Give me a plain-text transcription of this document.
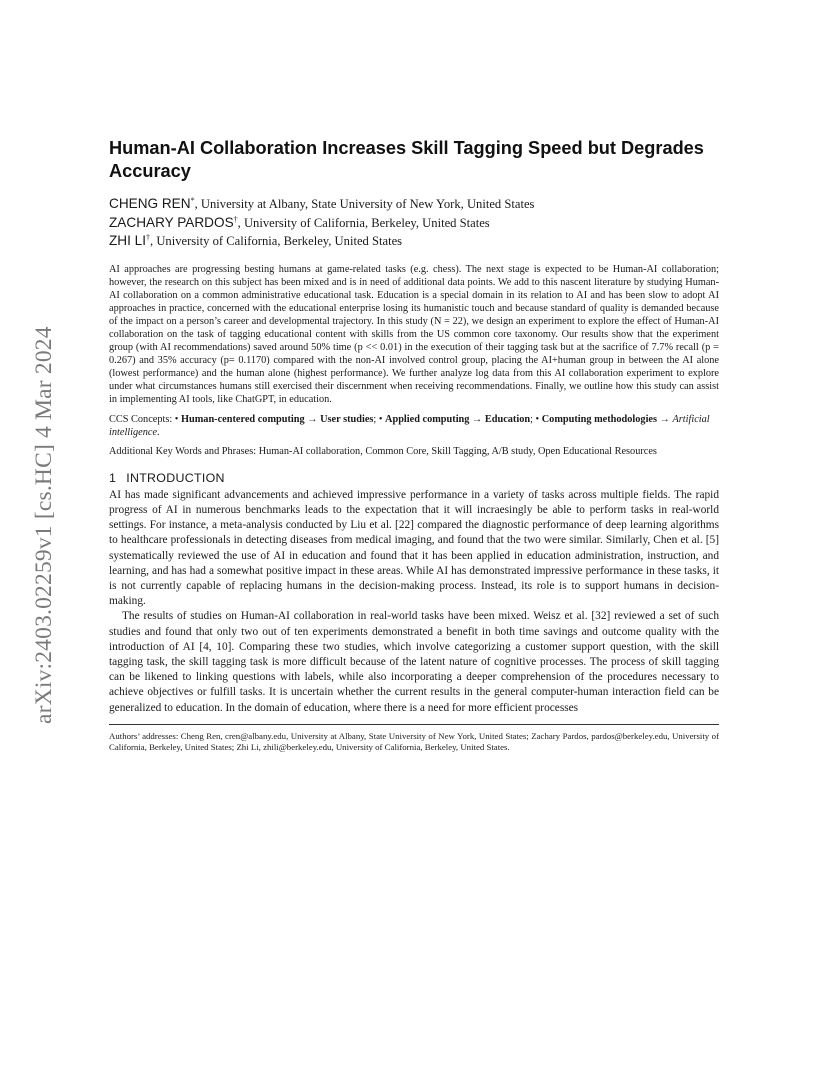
arXiv:2403.02259v1 [cs.HC] 4 Mar 2024
Human-AI Collaboration Increases Skill Tagging Speed but Degrades Accuracy
CHENG REN*, University at Albany, State University of New York, United States
ZACHARY PARDOS†, University of California, Berkeley, United States
ZHI LI†, University of California, Berkeley, United States

AI approaches are progressing besting humans at game-related tasks (e.g. chess). The next stage is expected to be Human-AI collaboration; however, the research on this subject has been mixed and is in need of additional data points. We add to this nascent literature by studying Human-AI collaboration on a common administrative educational task. Education is a special domain in its relation to AI and has been slow to adopt AI approaches in practice, concerned with the educational enterprise losing its humanistic touch and because standard of quality is demanded because of the impact on a person’s career and developmental trajectory. In this study (N = 22), we design an experiment to explore the effect of Human-AI collaboration on the task of tagging educational content with skills from the US common core taxonomy. Our results show that the experiment group (with AI recommendations) saved around 50% time (p << 0.01) in the execution of their tagging task but at the sacrifice of 7.7% recall (p = 0.267) and 35% accuracy (p= 0.1170) compared with the non-AI involved control group, placing the AI+human group in between the AI alone (lowest performance) and the human alone (highest performance). We further analyze log data from this AI collaboration experiment to explore under what circumstances humans still exercised their discernment when receiving recommendations. Finally, we outline how this study can assist in implementing AI tools, like ChatGPT, in education.

CCS Concepts: • Human-centered computing → User studies; • Applied computing → Education; • Computing methodologies → Artificial intelligence.

Additional Key Words and Phrases: Human-AI collaboration, Common Core, Skill Tagging, A/B study, Open Educational Resources

1 INTRODUCTION

AI has made significant advancements and achieved impressive performance in a variety of tasks across multiple fields. The rapid progress of AI in numerous benchmarks leads to the expectation that it will incraesingly be able to perform tasks in real-world settings. For instance, a meta-analysis conducted by Liu et al. [22] compared the diagnostic performance of deep learning algorithms to healthcare professionals in detecting diseases from medical imaging, and found that the two were similar. Similarly, Chen et al. [5] systematically reviewed the use of AI in education and found that it has been applied in education administration, instruction, and learning, and has had a somewhat positive impact in these areas. While AI has demonstrated impressive performance in these tasks, it is not currently capable of replacing humans in the decision-making process. Instead, its role is to support humans in decision-making.

The results of studies on Human-AI collaboration in real-world tasks have been mixed. Weisz et al. [32] reviewed a set of such studies and found that only two out of ten experiments demonstrated a benefit in both time savings and outcome quality with the introduction of AI [4, 10]. Comparing these two studies, which involve categorizing a customer support question, with the skill tagging task, the skill tagging task is more difficult because of the latent nature of cognitive processes. The process of skill tagging can be likened to linking questions with labels, while also incorporating a deeper comprehension of the procedures necessary to achieve objectives or fulfill tasks. It is uncertain whether the current results in the general computer-human interaction field can be generalized to education. In the domain of education, where there is a need for more efficient processes

Authors’ addresses: Cheng Ren, cren@albany.edu, University at Albany, State University of New York, United States; Zachary Pardos, pardos@berkeley.edu, University of California, Berkeley, United States; Zhi Li, zhili@berkeley.edu, University of California, Berkeley, United States.
